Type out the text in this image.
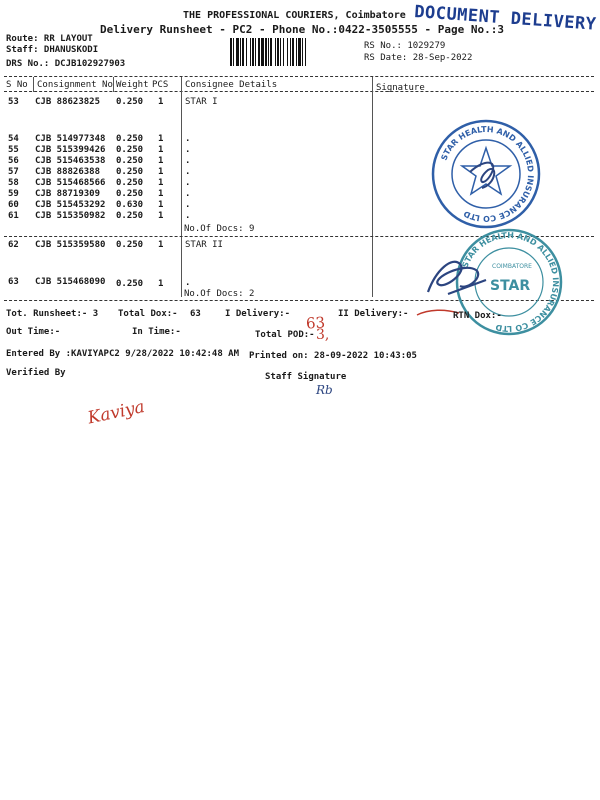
THE PROFESSIONAL COURIERS, Coimbatore DOCUMENT DELIVERY
Delivery Runsheet - PC2 - Phone No.:0422-3505555 - Page No.:3
Route: RR LAYOUT
Staff: DHANUSKODI
DRS No.: DCJB102927903
RS No.: 1029279
RS Date: 28-Sep-2022
S No Consignment No Weight PCS Consignee Details	Signature
53 CJB 88623825 0.250 1 STAR I
54 CJB 514977348 0.250 1 .
55 CJB 515399426 0.250 1 .
56 CJB 515463538 0.250 1 .
57 CJB 88826388 0.250 1 .
58 CJB 515468566 0.250 1 .
59 CJB 88719309 0.250 1 .
60 CJB 515453292 0.630 1 .
61 CJB 515350982 0.250 1 .
No.Of Docs: 9
62 CJB 515359580 0.250 1 STAR II
63 CJB 515468090 0.250 1 .
No.Of Docs: 2
STAR HEALTH AND ALLIED INSURANCE CO LTD
STAR HEALTH AND ALLIED INSURANCE CO LTD
COIMBATORE
STAR
Tot. Runsheet:- 3 Total Dox:- 63	I Delivery:-	II Delivery:-	RTN Dox:-
Out Time:-	In Time:-	Total POD:-
63
3,
Entered By :KAVIYAPC2 9/28/2022 10:42:48 AM Printed on: 28-09-2022 10:43:05
Verified By	Staff Signature
Rb
Kaviya
